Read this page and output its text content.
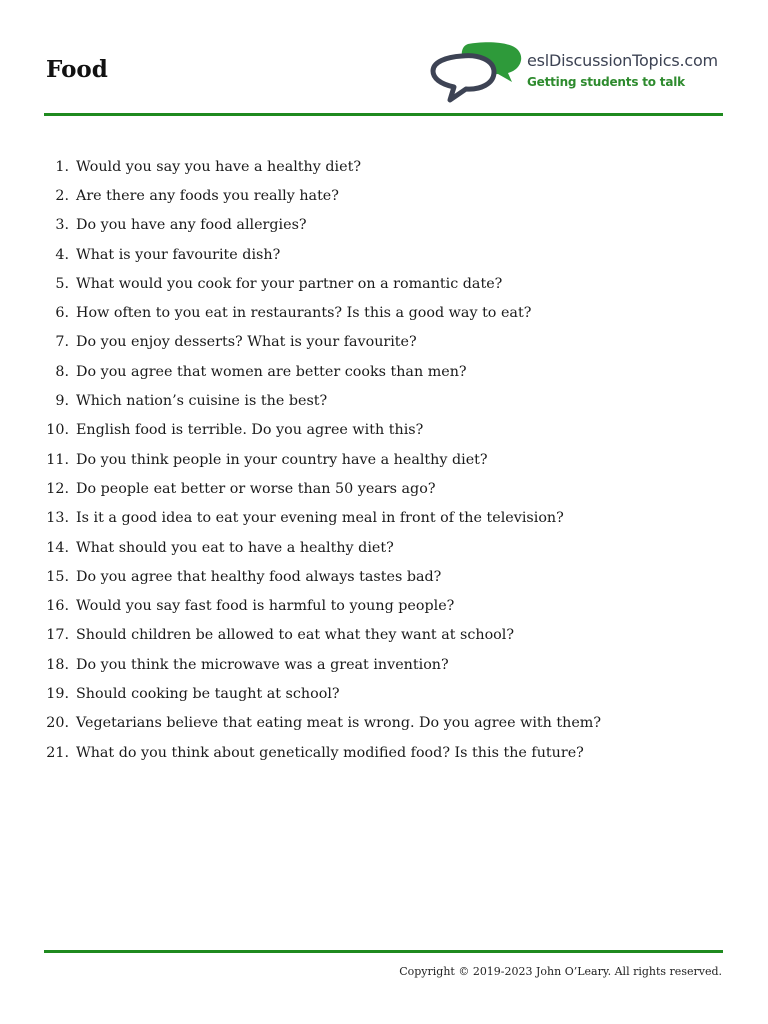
Food	eslDiscussionTopics.com
Getting students to talk
1. Would you say you have a healthy diet?
2. Are there any foods you really hate?
3. Do you have any food allergies?
4. What is your favourite dish?
5. What would you cook for your partner on a romantic date?
6. How often to you eat in restaurants? Is this a good way to eat?
7. Do you enjoy desserts? What is your favourite?
8. Do you agree that women are better cooks than men?
9. Which nation’s cuisine is the best?
10. English food is terrible. Do you agree with this?
11. Do you think people in your country have a healthy diet?
12. Do people eat better or worse than 50 years ago?
13. Is it a good idea to eat your evening meal in front of the television?
14. What should you eat to have a healthy diet?
15. Do you agree that healthy food always tastes bad?
16. Would you say fast food is harmful to young people?
17. Should children be allowed to eat what they want at school?
18. Do you think the microwave was a great invention?
19. Should cooking be taught at school?
20. Vegetarians believe that eating meat is wrong. Do you agree with them?
21. What do you think about genetically modified food? Is this the future?
Copyright © 2019-2023 John O’Leary. All rights reserved.
